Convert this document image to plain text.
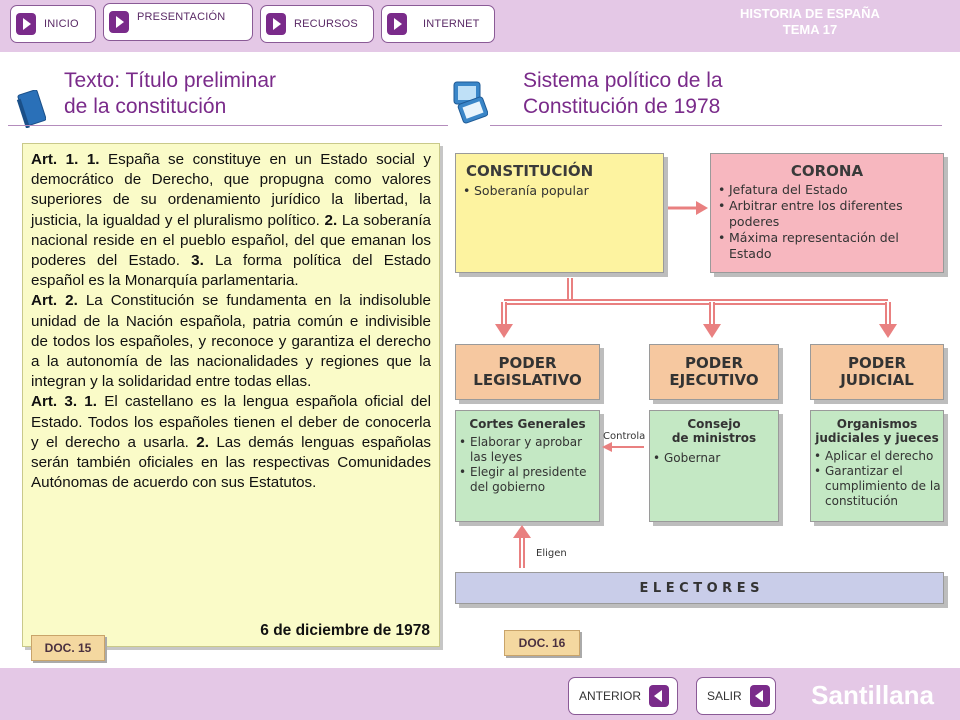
INICIO
PRESENTACIÓN
RECURSOS	INTERNET
HISTORIA DE ESPAÑA
TEMA 17
Texto: Título preliminar
de la constitución
Sistema político de la
Constitución de 1978

Art. 1. 1. España se constituye en un Estado social y democrático de Derecho, que propugna como valores superiores de su ordenamiento jurídico la libertad, la justicia, la igualdad y el pluralismo político. 2. La soberanía nacional reside en el pueblo español, del que emanan los poderes del Estado. 3. La forma política del Estado español es la Monarquía parlamentaria.

Art. 2. La Constitución se fundamenta en la indisoluble unidad de la Nación española, patria común e indivisible de todos los españoles, y reconoce y garantiza el derecho a la autonomía de las nacionalidades y regiones que la integran y la solidaridad entre todas ellas.

Art. 3. 1. El castellano es la lengua española oficial del Estado. Todos los españoles tienen el deber de conocerla y el derecho a usarla. 2. Las demás lenguas españolas serán también oficiales en las respectivas Comunidades Autónomas de acuerdo con sus Estatutos.

6 de diciembre de 1978
DOC. 15
CONSTITUCIÓN
• Soberanía popular
CORONA
• Jefatura del Estado
• Arbitrar entre los diferentes poderes
• Máxima representación del Estado
PODER
LEGISLATIVO
PODER
EJECUTIVO
PODER
JUDICIAL
Cortes Generales
• Elaborar y aprobar las leyes
• Elegir al presidente del gobierno
Consejo
de ministros
• Gobernar
Organismos
judiciales y jueces
• Aplicar el derecho
• Garantizar el cumplimiento de la constitución
Controla
Eligen
E L E C T O R E S
DOC. 16
ANTERIOR	SALIR	Santillana
